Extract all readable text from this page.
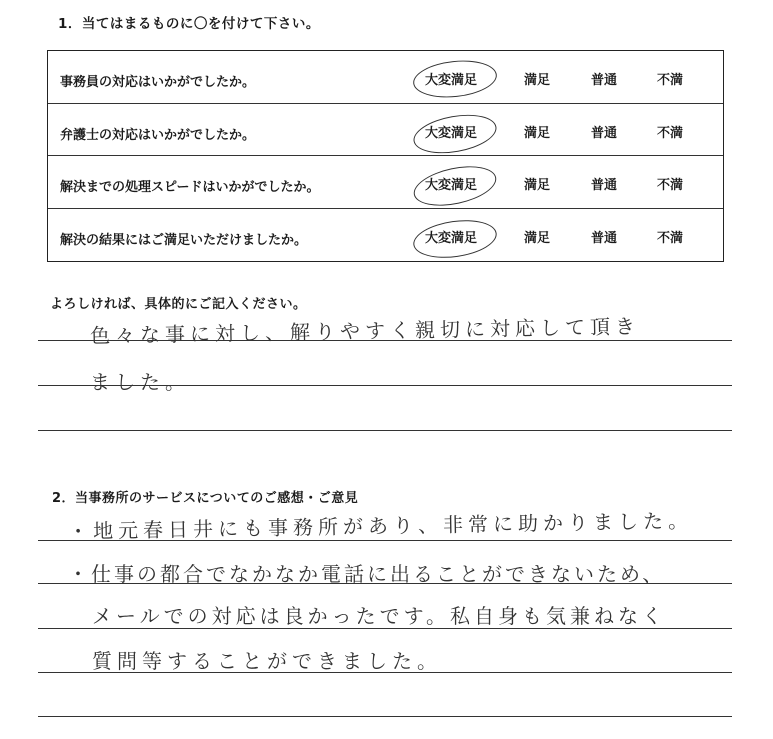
1．当てはまるものに〇を付けて下さい。
事務員の対応はいかがでしたか。	大変満足	満足	普通	不満
弁護士の対応はいかがでしたか。	大変満足	満足	普通	不満
解決までの処理スピードはいかがでしたか。	大変満足	満足	普通	不満
解決の結果にはご満足いただけましたか。	大変満足	満足	普通	不満
よろしければ、具体的にご記入ください。
色々な事に対し、解りやすく親切に対応して頂き
ました。
2．当事務所のサービスについてのご感想・ご意見
・地元春日井にも事務所があり、非常に助かりました。
・仕事の都合でなかなか電話に出ることができないため、
メールでの対応は良かったです。私自身も気兼ねなく
質問等することができました。
